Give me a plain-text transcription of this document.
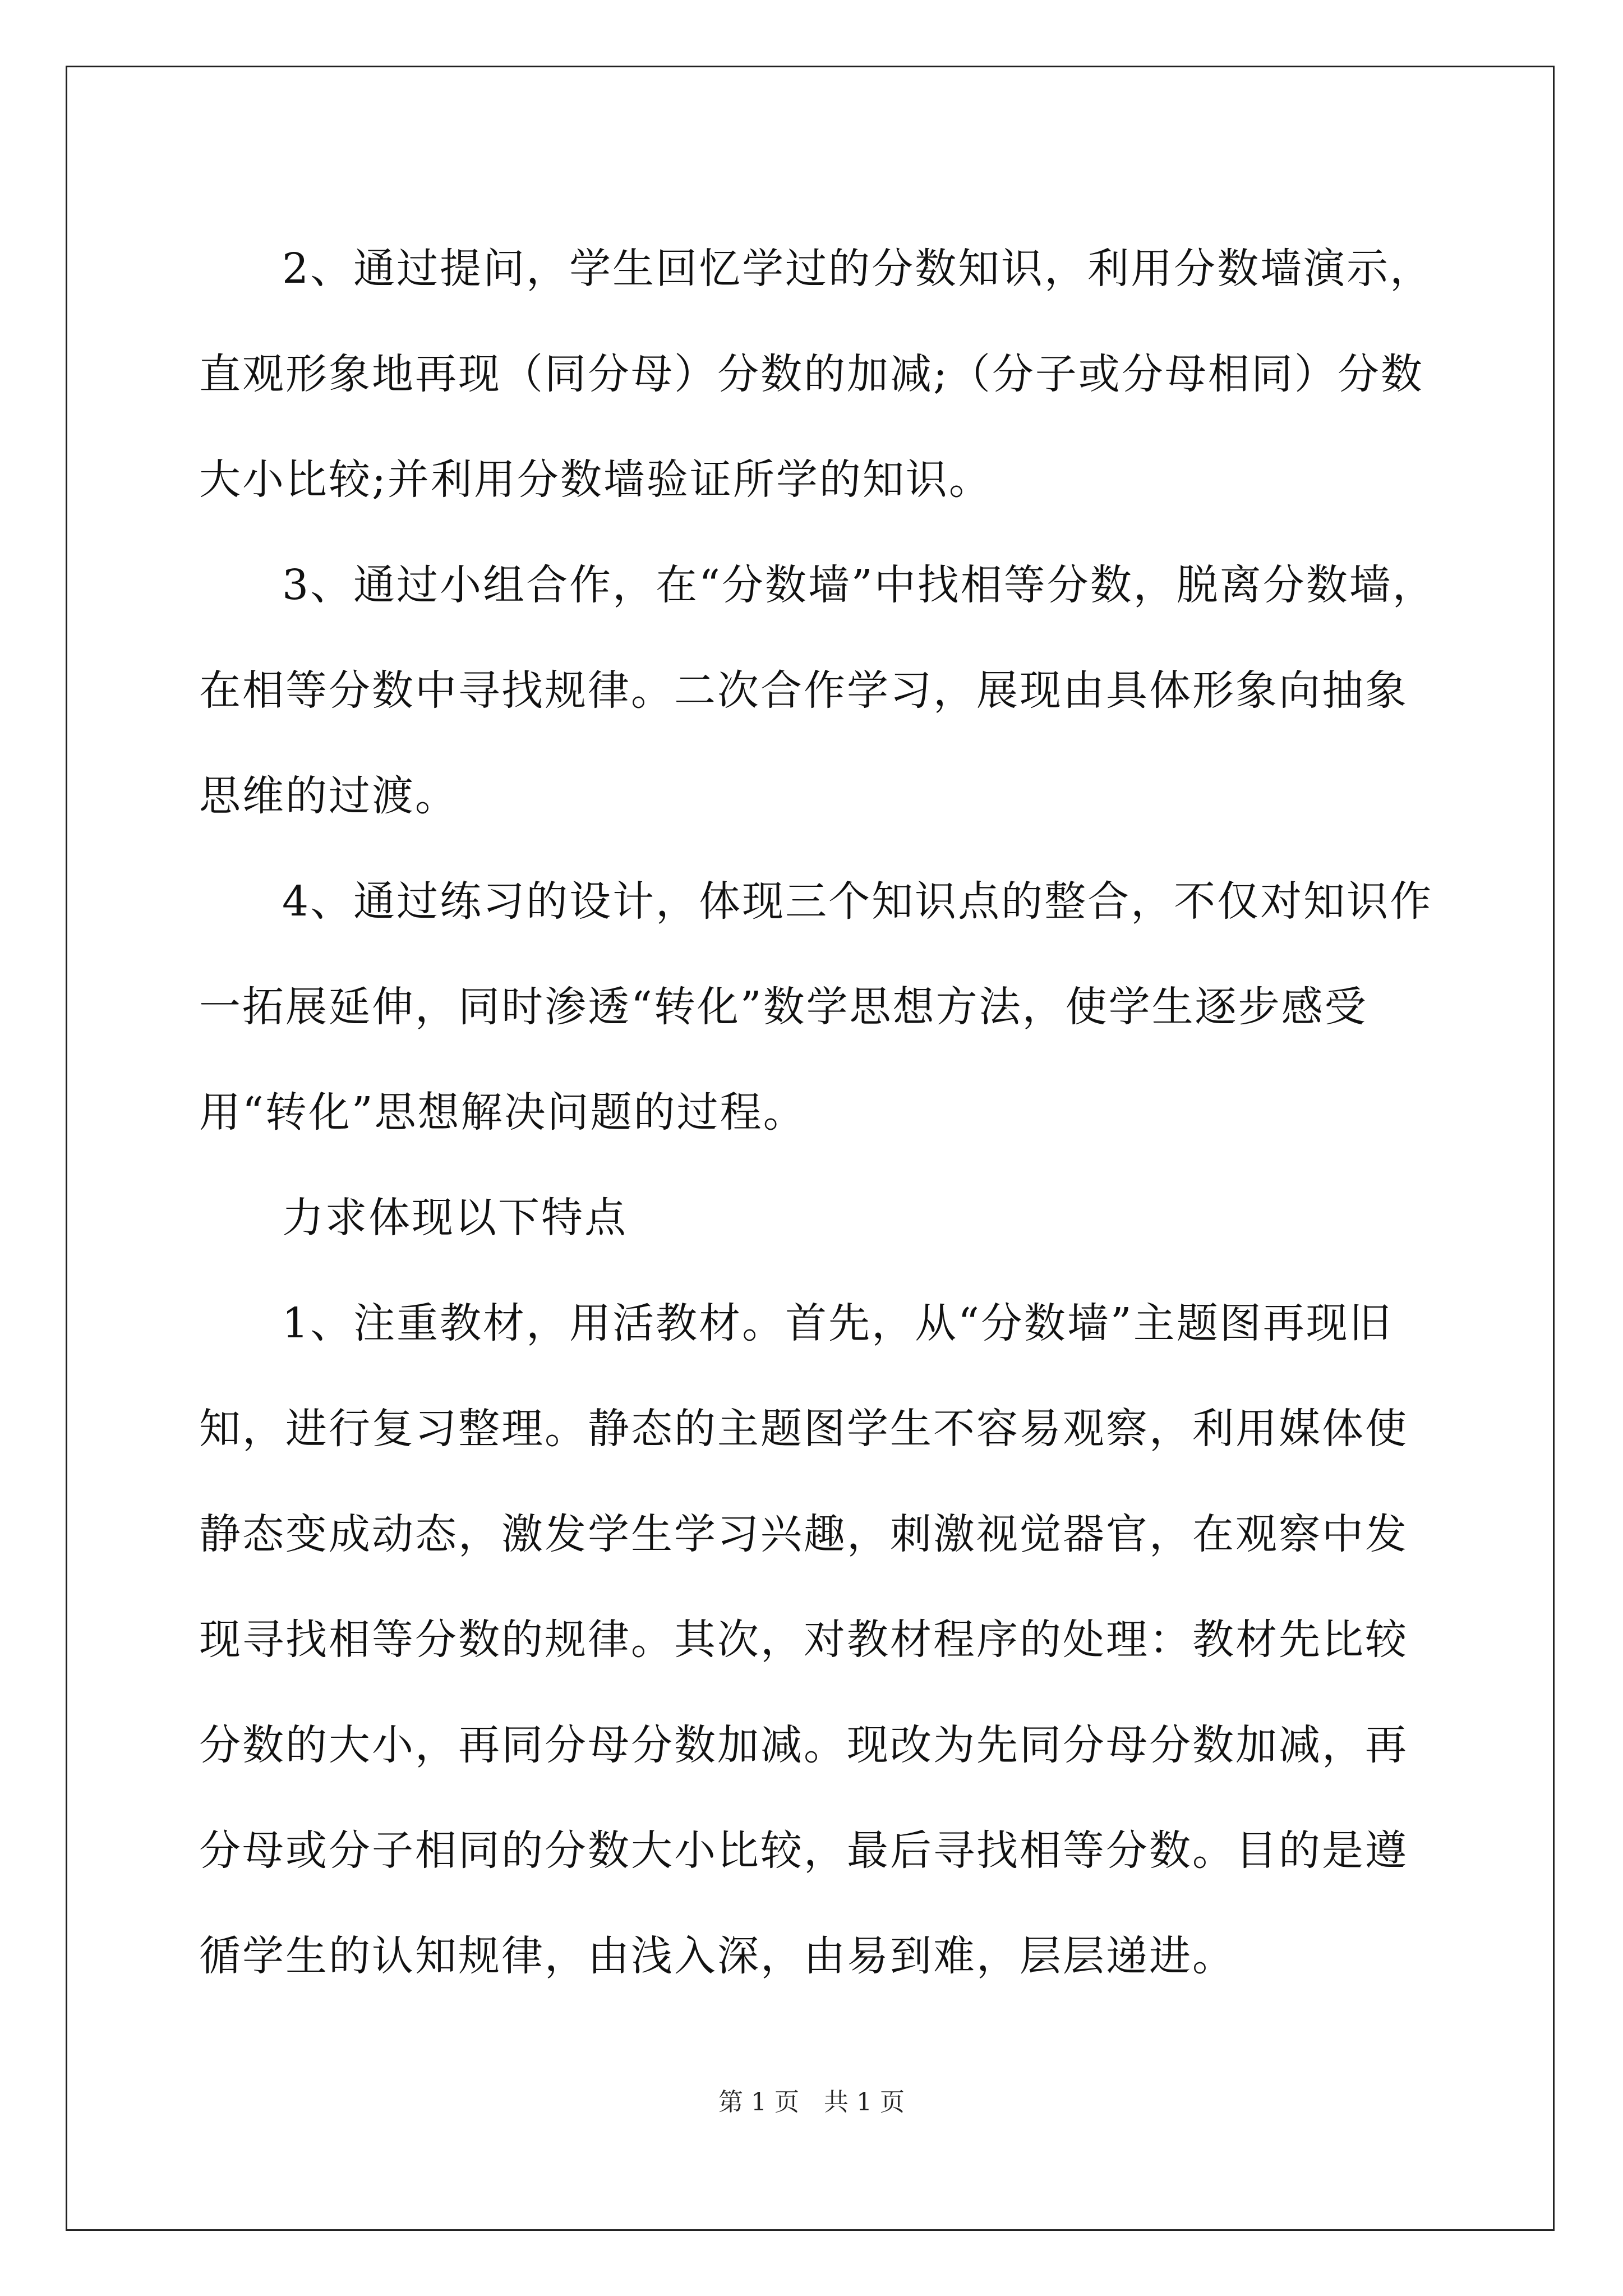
2、通过提问，学生回忆学过的分数知识，利用分数墙演示，直观形象地再现（同分母）分数的加减;（分子或分母相同）分数大小比较;并利用分数墙验证所学的知识。

3、通过小组合作，在“分数墙”中找相等分数，脱离分数墙，在相等分数中寻找规律。二次合作学习，展现由具体形象向抽象思维的过渡。

4、通过练习的设计，体现三个知识点的整合，不仅对知识作一拓展延伸，同时渗透“转化”数学思想方法，使学生逐步感受用“转化”思想解决问题的过程。

力求体现以下特点

1、注重教材，用活教材。首先，从“分数墙”主题图再现旧知，进行复习整理。静态的主题图学生不容易观察，利用媒体使静态变成动态，激发学生学习兴趣，刺激视觉器官，在观察中发现寻找相等分数的规律。其次，对教材程序的处理：教材先比较分数的大小，再同分母分数加减。现改为先同分母分数加减，再分母或分子相同的分数大小比较，最后寻找相等分数。目的是遵循学生的认知规律，由浅入深，由易到难，层层递进。

第 1 页　共 1 页
